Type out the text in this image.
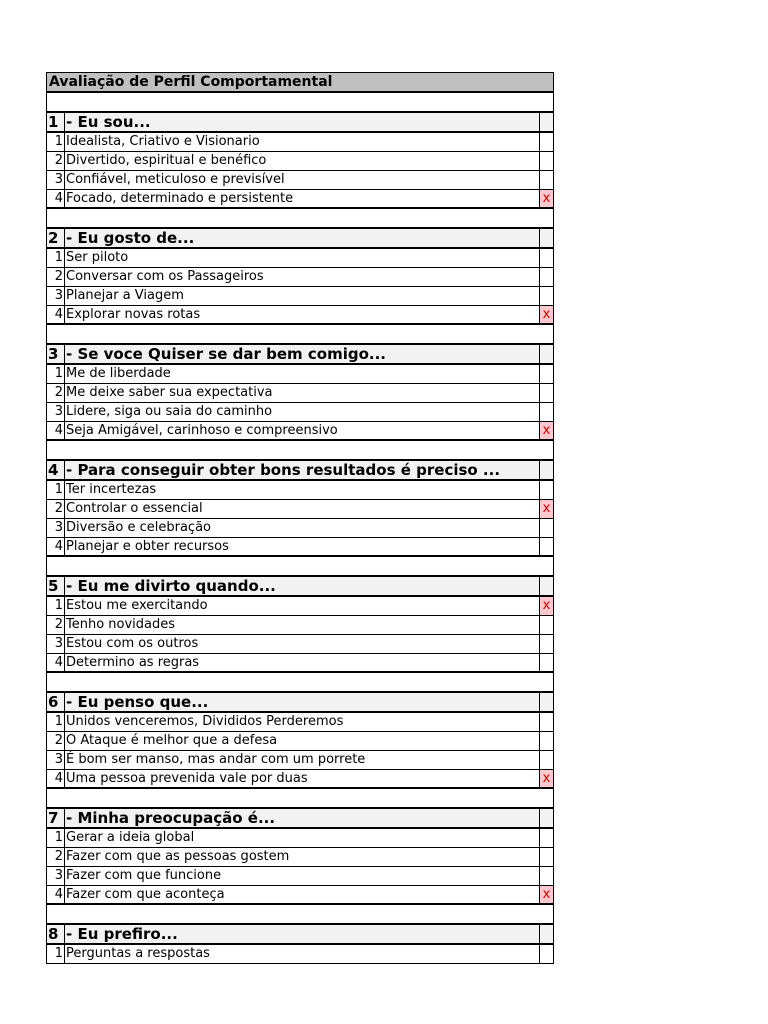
Avaliação de Perfil Comportamental
1 - Eu sou...
1 Idealista, Criativo e Visionario
2 Divertido, espiritual e benéfico
3 Confiável, meticuloso e previsível
4 Focado, determinado e persistente	x
2 - Eu gosto de...
1 Ser piloto
2 Conversar com os Passageiros
3 Planejar a Viagem
4 Explorar novas rotas	x
3 - Se voce Quiser se dar bem comigo...
1 Me de liberdade
2 Me deixe saber sua expectativa
3 Lidere, siga ou saia do caminho
4 Seja Amigável, carinhoso e compreensivo	x
4 - Para conseguir obter bons resultados é preciso ...
1 Ter incertezas
2 Controlar o essencial	x
3 Diversão e celebração
4 Planejar e obter recursos
5 - Eu me divirto quando...
1 Estou me exercitando	x
2 Tenho novidades
3 Estou com os outros
4 Determino as regras
6 - Eu penso que...
1 Unidos venceremos, Divididos Perderemos
2 O Ataque é melhor que a defesa
3 É bom ser manso, mas andar com um porrete
4 Uma pessoa prevenida vale por duas	x
7 - Minha preocupação é...
1 Gerar a ideia global
2 Fazer com que as pessoas gostem
3 Fazer com que funcione
4 Fazer com que aconteça	x
8 - Eu prefiro...
1 Perguntas a respostas
